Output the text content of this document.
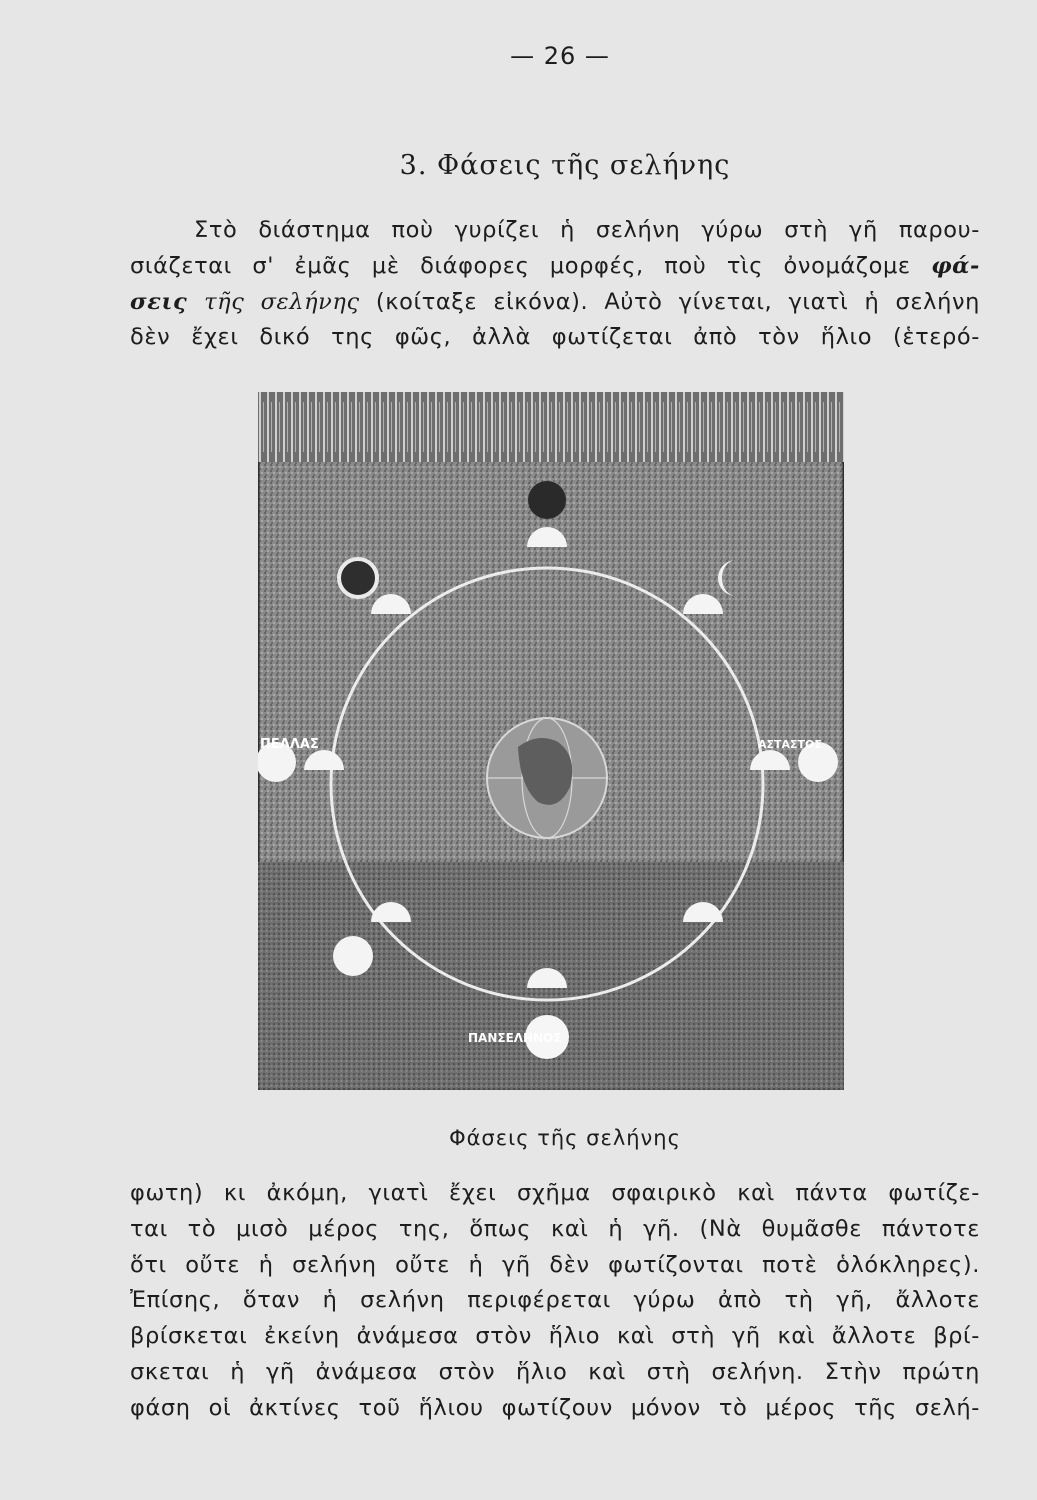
— 26 —
3. Φάσεις τῆς σελήνης

Στὸ διάστημα ποὺ γυρίζει ἡ σελήνη γύρω στὴ γῆ παρου-

σιάζεται σ' ἐμᾶς μὲ διάφορες μορφές, ποὺ τὶς ὀνομάζομε φά-

σεις τῆς σελήνης (κοίταξε εἰκόνα). Αὐτὸ γίνεται, γιατὶ ἡ σελήνη

δὲν ἔχει δικό της φῶς, ἀλλὰ φωτίζεται ἀπὸ τὸν ἥλιο (ἑτερό-

ΠΕΛΛΑΣ	ΑΣΤΑΣΤΟΣ
ΠΑΝΣΕΛΗΝΟΣ
Φάσεις τῆς σελήνης

φωτη) κι ἀκόμη, γιατὶ ἔχει σχῆμα σφαιρικὸ καὶ πάντα φωτίζε-

ται τὸ μισὸ μέρος της, ὅπως καὶ ἡ γῆ. (Νὰ θυμᾶσθε πάντοτε

ὅτι οὔτε ἡ σελήνη οὔτε ἡ γῆ δὲν φωτίζονται ποτὲ ὁλόκληρες).

Ἐπίσης, ὅταν ἡ σελήνη περιφέρεται γύρω ἀπὸ τὴ γῆ, ἄλλοτε

βρίσκεται ἐκείνη ἀνάμεσα στὸν ἥλιο καὶ στὴ γῆ καὶ ἄλλοτε βρί-

σκεται ἡ γῆ ἀνάμεσα στὸν ἥλιο καὶ στὴ σελήνη. Στὴν πρώτη

φάση οἱ ἀκτίνες τοῦ ἥλιου φωτίζουν μόνον τὸ μέρος τῆς σελή-
